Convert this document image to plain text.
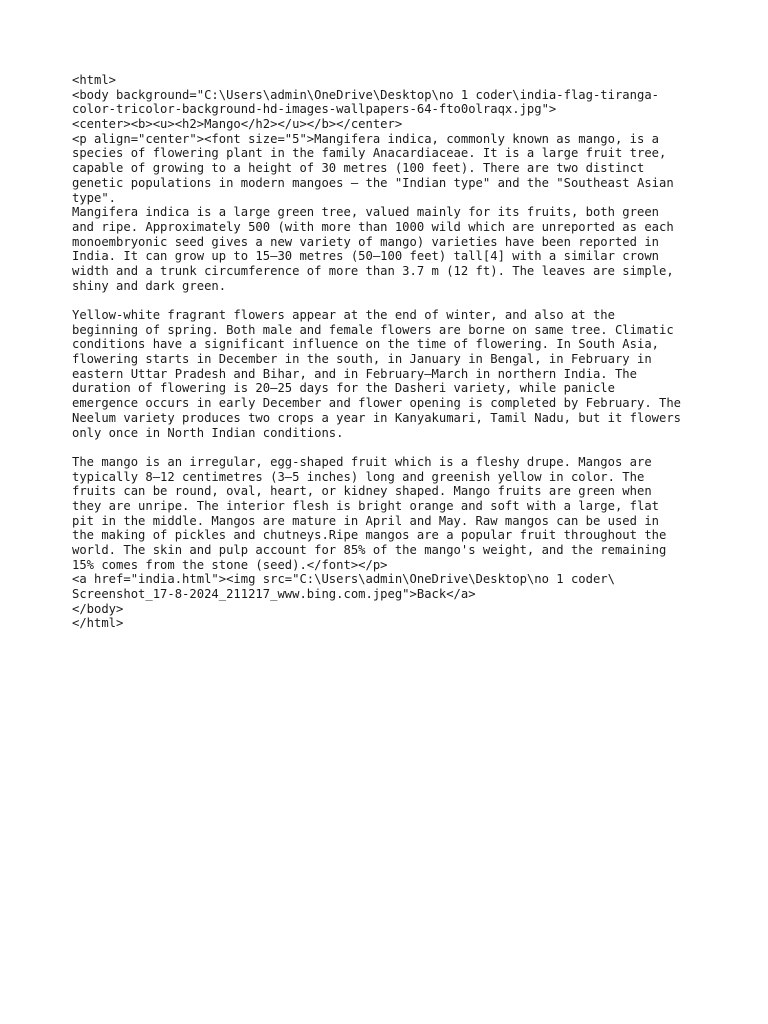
<html>
<body background="C:\Users\admin\OneDrive\Desktop\no 1 coder\india-flag-tiranga-
color-tricolor-background-hd-images-wallpapers-64-fto0olraqx.jpg">
<center><b><u><h2>Mango</h2></u></b></center>
<p align="center"><font size="5">Mangifera indica, commonly known as mango, is a
species of flowering plant in the family Anacardiaceae. It is a large fruit tree,
capable of growing to a height of 30 metres (100 feet). There are two distinct
genetic populations in modern mangoes – the "Indian type" and the "Southeast Asian
type".
Mangifera indica is a large green tree, valued mainly for its fruits, both green
and ripe. Approximately 500 (with more than 1000 wild which are unreported as each
monoembryonic seed gives a new variety of mango) varieties have been reported in
India. It can grow up to 15–30 metres (50–100 feet) tall[4] with a similar crown
width and a trunk circumference of more than 3.7 m (12 ft). The leaves are simple,
shiny and dark green.
Yellow-white fragrant flowers appear at the end of winter, and also at the
beginning of spring. Both male and female flowers are borne on same tree. Climatic
conditions have a significant influence on the time of flowering. In South Asia,
flowering starts in December in the south, in January in Bengal, in February in
eastern Uttar Pradesh and Bihar, and in February–March in northern India. The
duration of flowering is 20–25 days for the Dasheri variety, while panicle
emergence occurs in early December and flower opening is completed by February. The
Neelum variety produces two crops a year in Kanyakumari, Tamil Nadu, but it flowers
only once in North Indian conditions.
The mango is an irregular, egg-shaped fruit which is a fleshy drupe. Mangos are
typically 8–12 centimetres (3–5 inches) long and greenish yellow in color. The
fruits can be round, oval, heart, or kidney shaped. Mango fruits are green when
they are unripe. The interior flesh is bright orange and soft with a large, flat
pit in the middle. Mangos are mature in April and May. Raw mangos can be used in
the making of pickles and chutneys.Ripe mangos are a popular fruit throughout the
world. The skin and pulp account for 85% of the mango's weight, and the remaining
15% comes from the stone (seed).</font></p>
<a href="india.html"><img src="C:\Users\admin\OneDrive\Desktop\no 1 coder\
Screenshot_17-8-2024_211217_www.bing.com.jpeg">Back</a>
</body>
</html>
